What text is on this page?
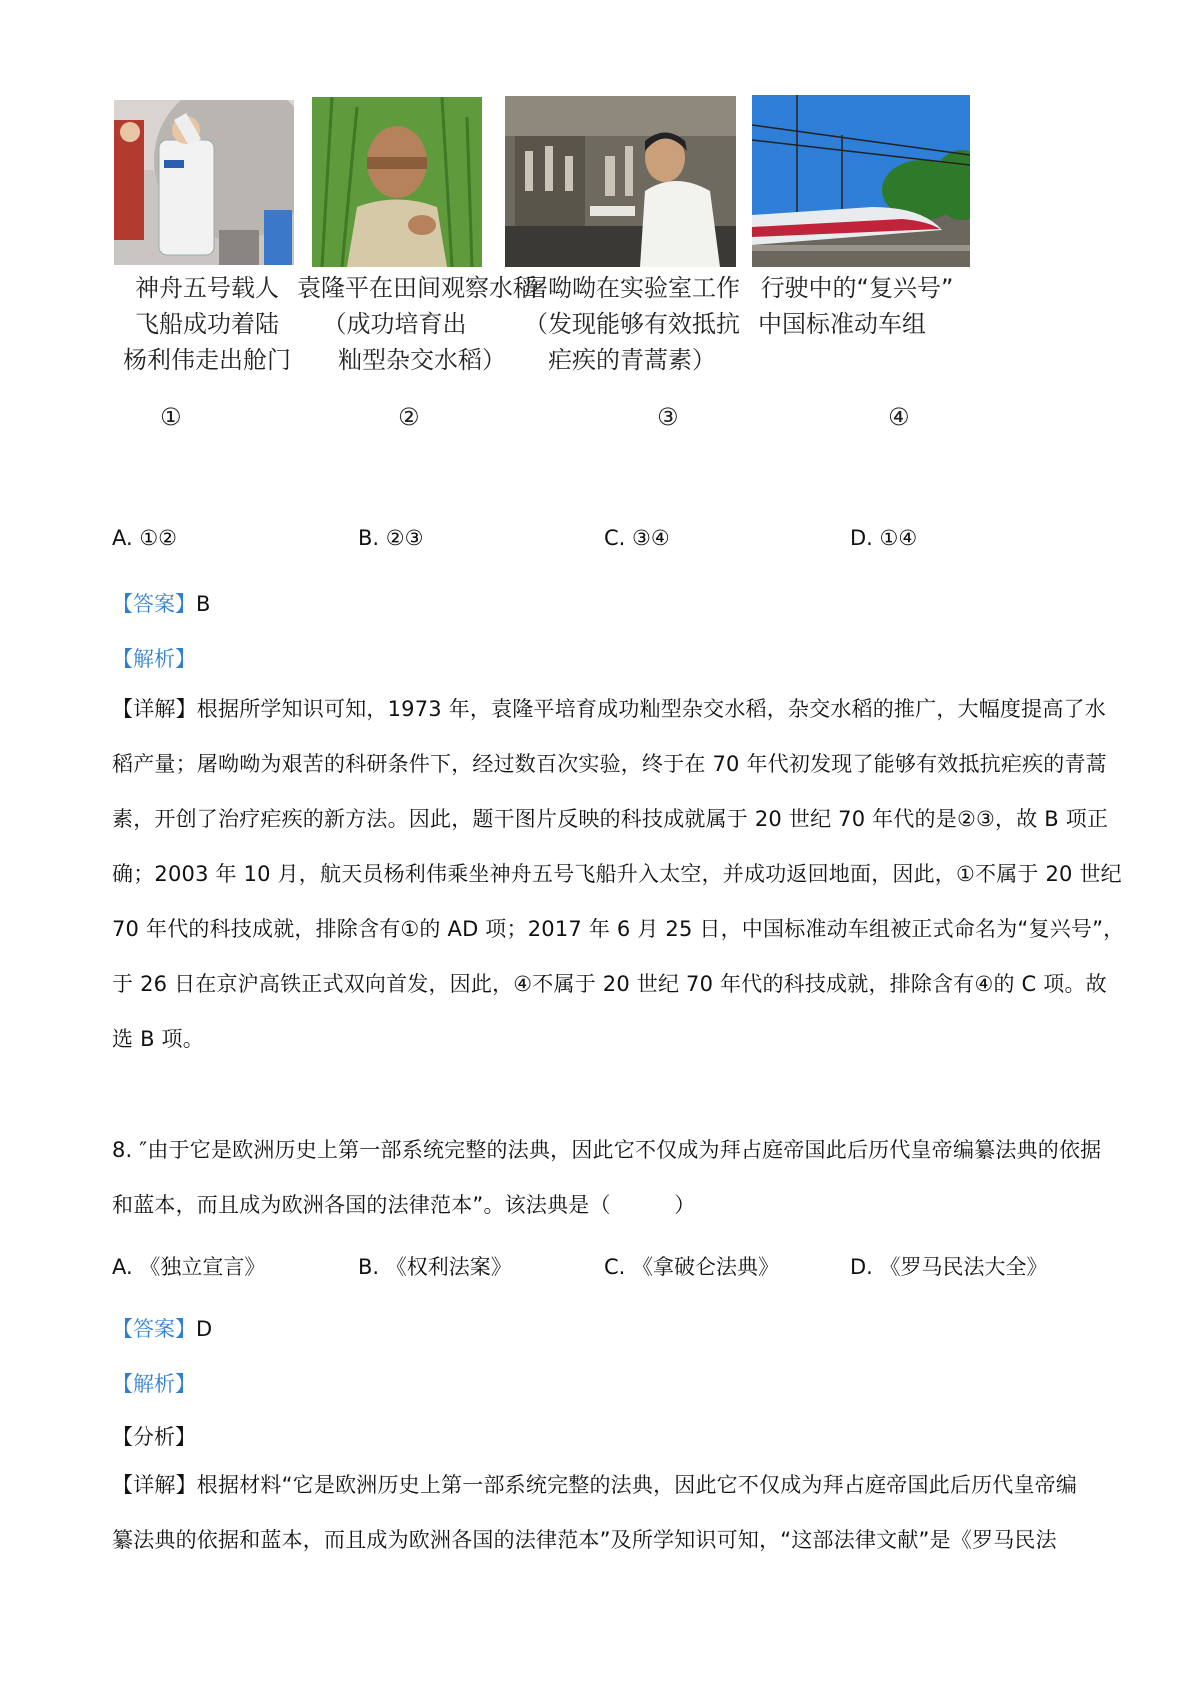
神舟五号载人
飞船成功着陆
杨利伟走出舱门
①
袁隆平在田间观察水稻
（成功培育出
籼型杂交水稻）
②
屠呦呦在实验室工作
（发现能够有效抵抗
疟疾的青蒿素）
③
行驶中的“复兴号”
中国标准动车组
④
A. ①②	B. ②③	C. ③④	D. ①④
【答案】B
【解析】
【详解】根据所学知识可知，1973 年，袁隆平培育成功籼型杂交水稻，杂交水稻的推广，大幅度提高了水
稻产量；屠呦呦为艰苦的科研条件下，经过数百次实验，终于在 70 年代初发现了能够有效抵抗疟疾的青蒿
素，开创了治疗疟疾的新方法。因此，题干图片反映的科技成就属于 20 世纪 70 年代的是②③，故 B 项正
确；2003 年 10 月，航天员杨利伟乘坐神舟五号飞船升入太空，并成功返回地面，因此，①不属于 20 世纪
70 年代的科技成就，排除含有①的 AD 项；2017 年 6 月 25 日，中国标准动车组被正式命名为“复兴号”，
于 26 日在京沪高铁正式双向首发，因此，④不属于 20 世纪 70 年代的科技成就，排除含有④的 C 项。故
选 B 项。
8. ″由于它是欧洲历史上第一部系统完整的法典，因此它不仅成为拜占庭帝国此后历代皇帝编纂法典的依据
和蓝本，而且成为欧洲各国的法律范本”。该法典是（　　　）
A. 《独立宣言》	B. 《权利法案》	C. 《拿破仑法典》	D. 《罗马民法大全》
【答案】D
【解析】
【分析】
【详解】根据材料“它是欧洲历史上第一部系统完整的法典，因此它不仅成为拜占庭帝国此后历代皇帝编
纂法典的依据和蓝本，而且成为欧洲各国的法律范本”及所学知识可知，“这部法律文献”是《罗马民法
